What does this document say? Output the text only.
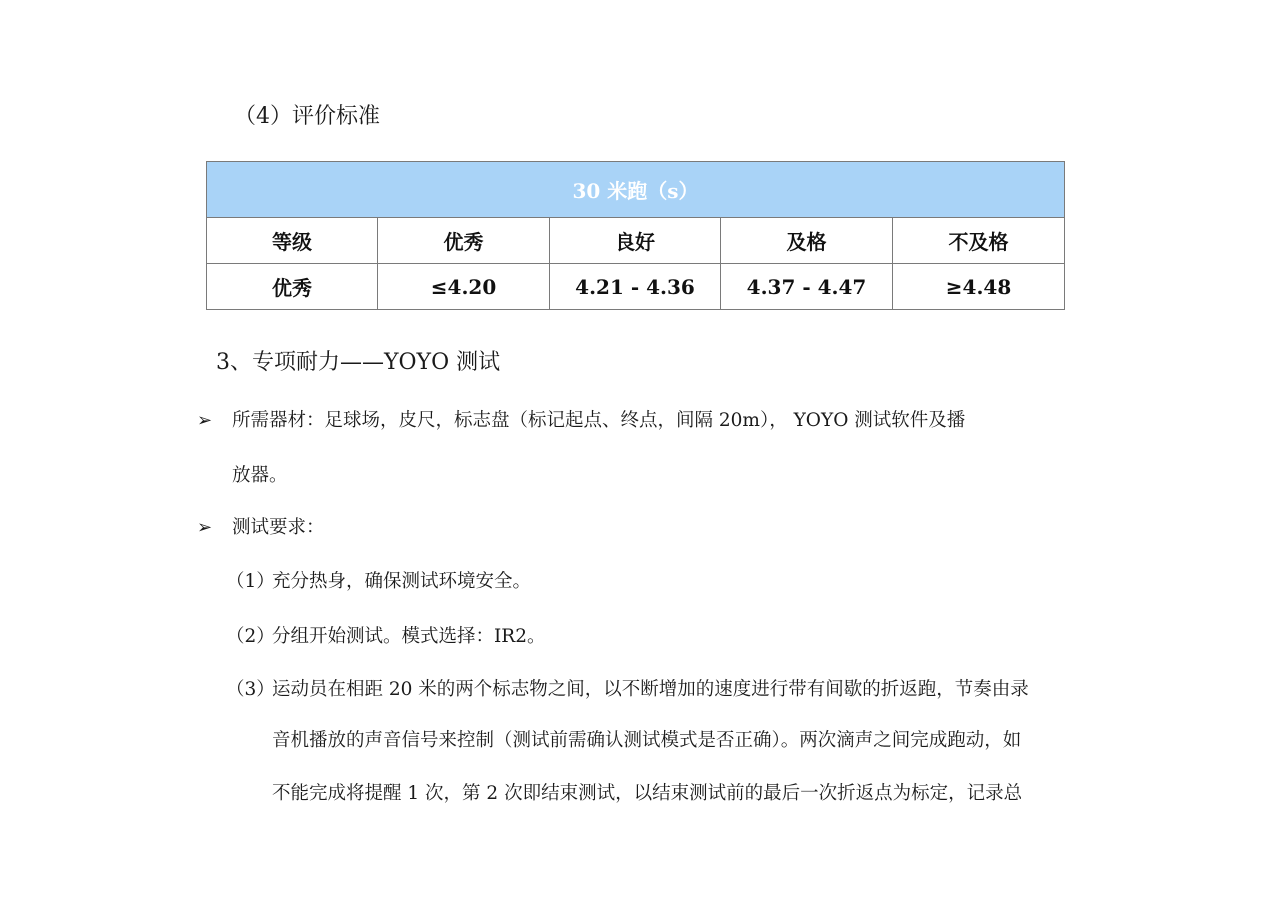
（4）评价标准
30 米跑（s）				
等级	优秀	良好	及格	不及格
优秀	≤4.20	4.21 - 4.36	4.37 - 4.47	≥4.48
3、专项耐力——YOYO 测试
➢ 所需器材：足球场，皮尺，标志盘（标记起点、终点，间隔 20m）， YOYO 测试软件及播
放器。
➢ 测试要求：
（1）
充分热身，确保测试环境安全。
（2）
分组开始测试。模式选择：IR2。
（3）
运动员在相距 20 米的两个标志物之间，以不断增加的速度进行带有间歇的折返跑，节奏由录
音机播放的声音信号来控制（测试前需确认测试模式是否正确）。两次滴声之间完成跑动，如
不能完成将提醒 1 次，第 2 次即结束测试，以结束测试前的最后一次折返点为标定，记录总
